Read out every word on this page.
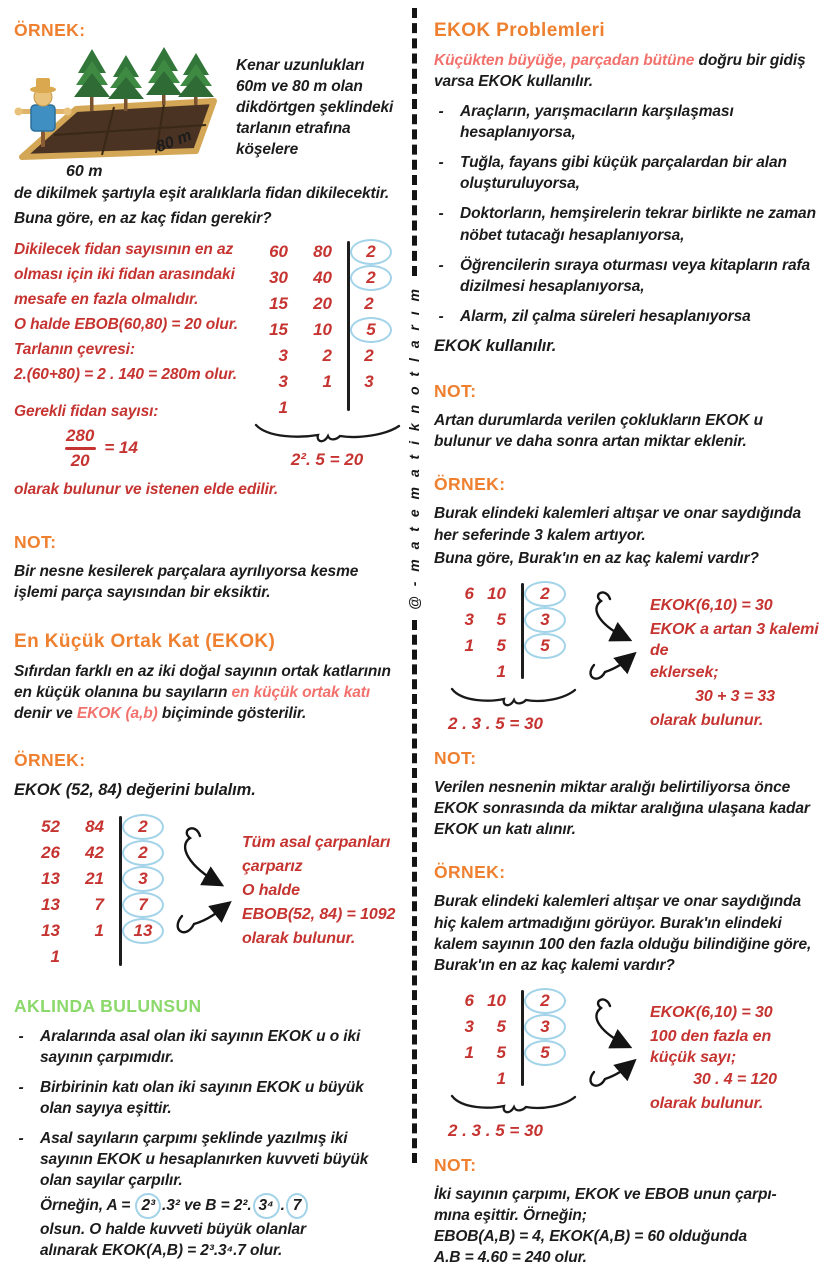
ÖRNEK:
60 m
80 m

Kenar uzunlukları 60m ve 80 m olan dikdörtgen şeklindeki tarlanın etrafına köşelere

de dikilmek şartıyla eşit aralıklarla fidan dikilecektir.

Buna göre, en az kaç fidan gerekir?

Dikilecek fidan sayısının en az
olması için iki fidan arasındaki
mesafe en fazla olmalıdır.
O halde EBOB(60,80) = 20 olur.
Tarlanın çevresi:
2.(60+80) = 2 . 140 = 280m olur.
Gerekli fidan sayısı:
280
20
= 14
60	80	2
30	40	2
15	20	2
15	10	5
3	2	2
3	1	3
1
2². 5 = 20

olarak bulunur ve istenen elde edilir.

NOT:

Bir nesne kesilerek parçalara ayrılıyorsa kesme işlemi parça sayısından bir eksiktir.

En Küçük Ortak Kat (EKOK)

Sıfırdan farklı en az iki doğal sayının ortak katlarının en küçük olanına bu sayıların en küçük ortak katı denir ve EKOK (a,b) biçiminde gösterilir.

ÖRNEK:

EKOK (52, 84) değerini bulalım.

52	84	2
26	42	2
13	21	3
13	7	7
13	1	13
1
Tüm asal çarpanları
çarparız
O halde
EBOB(52, 84) = 1092
olarak bulunur.
AKLINDA BULUNSUN
- Aralarında asal olan iki sayının EKOK u o iki sayının çarpımıdır.
- Birbirinin katı olan iki sayının EKOK u büyük olan sayıya eşittir.
- Asal sayıların çarpımı şeklinde yazılmış iki sayının EKOK u hesaplanırken kuvveti büyük olan sayılar çarpılır.
Örneğin, A = 2³ .3² ve B = 2². 3⁴ . 7
olsun. O halde kuvveti büyük olanlar
alınarak EKOK(A,B) = 2³.3⁴.7 olur.
@ - m a t e m a t i k n o t l a r ı m
EKOK Problemleri

Küçükten büyüğe, parçadan bütüne doğru bir gidiş varsa EKOK kullanılır.

- Araçların, yarışmacıların karşılaşması hesaplanıyorsa,
- Tuğla, fayans gibi küçük parçalardan bir alan oluşturuluyorsa,
- Doktorların, hemşirelerin tekrar birlikte ne zaman nöbet tutacağı hesaplanıyorsa,
- Öğrencilerin sıraya oturması veya kitapların rafa dizilmesi hesaplanıyorsa,
- Alarm, zil çalma süreleri hesaplanıyorsa

EKOK kullanılır.

NOT:

Artan durumlarda verilen çoklukların EKOK u bulunur ve daha sonra artan miktar eklenir.

ÖRNEK:

Burak elindeki kalemleri altışar ve onar saydığında her seferinde 3 kalem artıyor.

Buna göre, Burak'ın en az kaç kalemi vardır?

6 10	2
3	5	3
1	5	5
1
2 . 3 . 5 = 30
EKOK(6,10) = 30
EKOK a artan 3 kalemi de
eklersek;
30 + 3 = 33
olarak bulunur.
NOT:

Verilen nesnenin miktar aralığı belirtiliyorsa önce EKOK sonrasında da miktar aralığına ulaşana kadar EKOK un katı alınır.

ÖRNEK:

Burak elindeki kalemleri altışar ve onar saydığında hiç kalem artmadığını görüyor. Burak'ın elindeki kalem sayının 100 den fazla olduğu bilindiğine göre, Burak'ın en az kaç kalemi vardır?

6 10	2
3	5	3
1	5	5
1
2 . 3 . 5 = 30
EKOK(6,10) = 30
100 den fazla en küçük sayı;
30 . 4 = 120
olarak bulunur.
NOT:
İki sayının çarpımı, EKOK ve EBOB unun çarpı-
mına eşittir. Örneğin;
EBOB(A,B) = 4, EKOK(A,B) = 60 olduğunda
A.B = 4.60 = 240 olur.
